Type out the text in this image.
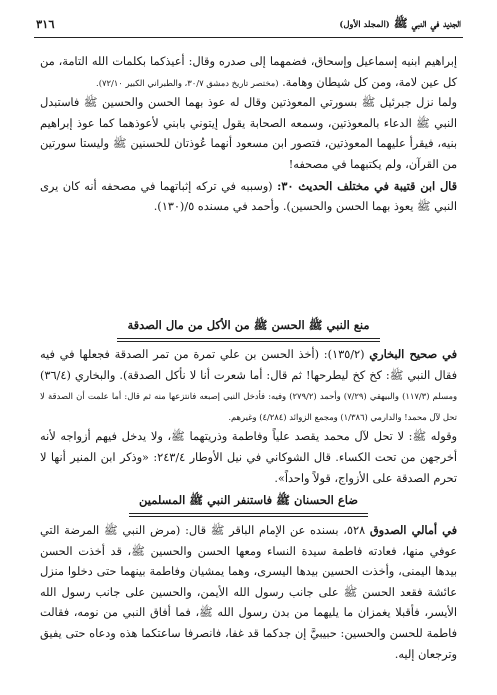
الجديد في النبي ﷺ (المجلد الأول)
٣١٦

إبراهيم ابنيه إسماعيل وإسحاق، فضمهما إلى صدره وقال: أعيذكما بكلمات الله التامة، من كل عين لامة، ومن كل شيطان وهامة. (مختصر تاريخ دمشق ٣٠/٧، والطبراني الكبير ٧٢/١٠).

ولما نزل جبرئيل ﷺ بسورتي المعوذتين وقال له عوذ بهما الحسن والحسين ﷺ فاستبدل النبي ﷺ الدعاء بالمعوذتين، وسمعه الصحابة يقول إيتوني بابني لأعوذهما كما عوذ إبراهيم بنيه، فيقرأ عليهما المعوذتين، فتصور ابن مسعود أنهما عُوذتان للحسنين ﷺ وليستا سورتين من القرآن، ولم يكتبهما في مصحفه!

قال ابن قتيبة في مختلف الحديث ٣٠: (وسببه في تركه إثباتهما في مصحفه أنه كان يرى النبي ﷺ يعوذ بهما الحسن والحسين). وأحمد في مسنده ٥/(١٣٠).

منع النبي ﷺ الحسن ﷺ من الأكل من مال الصدقة

في صحيح البخاري (١٣٥/٢): (أخذ الحسن بن علي تمرة من تمر الصدقة فجعلها في فيه فقال النبي ﷺ: كخ كخ ليطرحها! ثم قال: أما شعرت أنا لا نأكل الصدقة). والبخاري (٣٦/٤) ومسلم (١١٧/٣) والبيهقي (٧/٢٩) وأحمد (٢٧٩/٢) وفيه: فأدخل النبي إصبعه فانتزعها منه ثم قال: أما علمت أن الصدقة لا تحل لآل محمد! والدارمي (١/٣٨٦) ومجمع الزوائد (٤/٢٨٤) وغيرهم.

وقوله ﷺ: لا تحل لآل محمد يقصد علياً وفاطمة وذريتهما ﷺ، ولا يدخل فيهم أزواجه لأنه أخرجهن من تحت الكساء. قال الشوكاني في نيل الأوطار ٢٤٣/٤: «وذكر ابن المنير أنها لا تحرم الصدقة على الأزواج، قولاً واحداً».

ضاع الحسنان ﷺ فاستنفر النبي ﷺ المسلمين

في أمالي الصدوق ٥٢٨، بسنده عن الإمام الباقر ﷺ قال: (مرض النبي ﷺ المرضة التي عوفي منها، فعادته فاطمة سيدة النساء ومعها الحسن والحسين ﷺ، قد أخذت الحسن بيدها اليمنى، وأخذت الحسين بيدها اليسرى، وهما يمشيان وفاطمة بينهما حتى دخلوا منزل عائشة فقعد الحسن ﷺ على جانب رسول الله الأيمن، والحسين على جانب رسول الله الأيسر، فأقبلا يغمزان ما يليهما من بدن رسول الله ﷺ، فما أفاق النبي من نومه، فقالت فاطمة للحسن والحسين: حبيبيَّ إن جدكما قد غفا، فانصرفا ساعتكما هذه ودعاه حتى يفيق وترجعان إليه.
